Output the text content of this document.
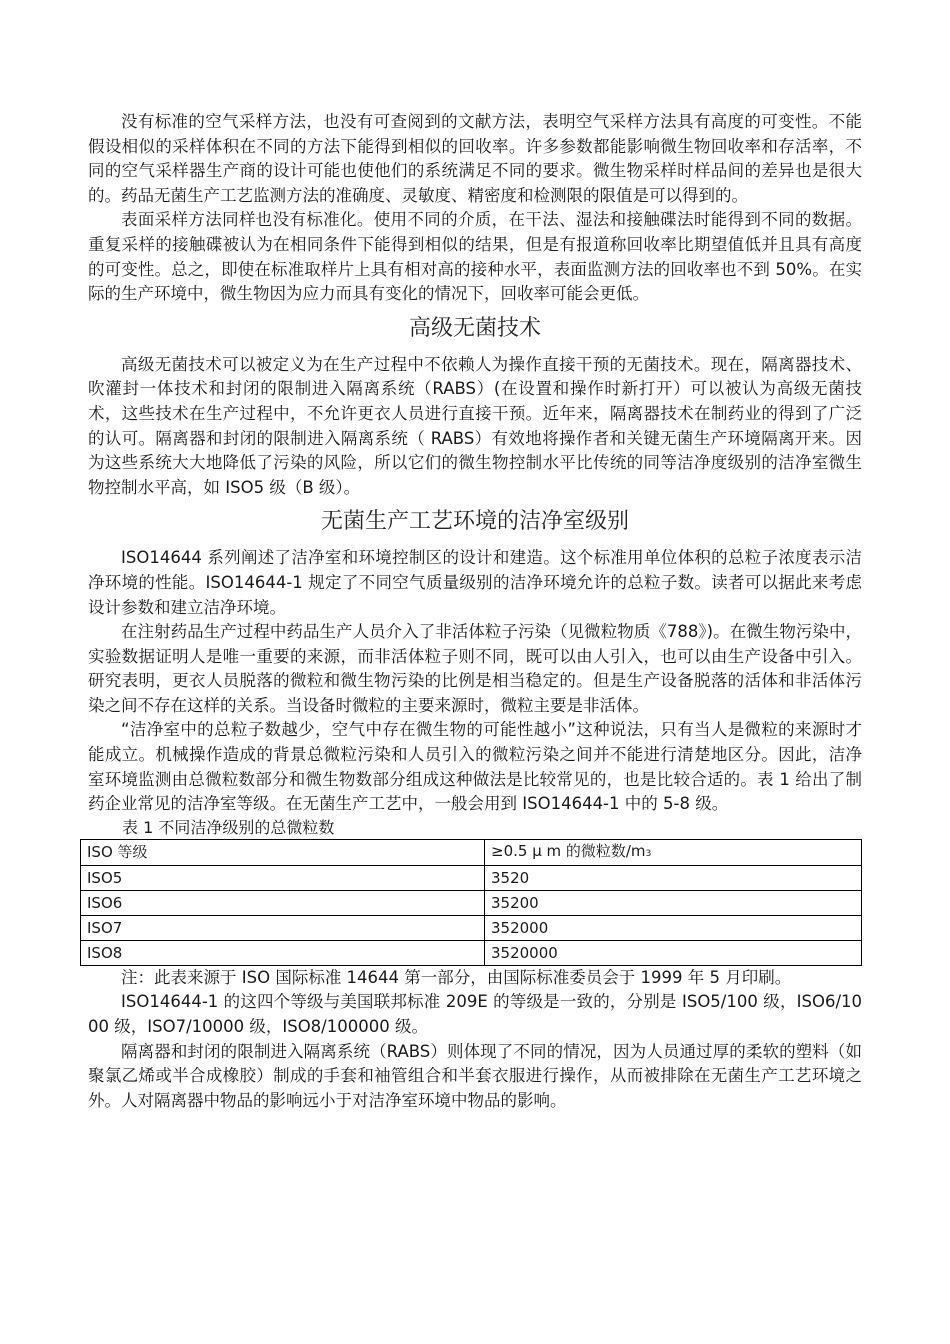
没有标准的空气采样方法，也没有可查阅到的文献方法，表明空气采样方法具有高度的可变性。不能假设相似的采样体积在不同的方法下能得到相似的回收率。许多参数都能影响微生物回收率和存活率，不同的空气采样器生产商的设计可能也使他们的系统满足不同的要求。微生物采样时样品间的差异也是很大的。药品无菌生产工艺监测方法的准确度、灵敏度、精密度和检测限的限值是可以得到的。

表面采样方法同样也没有标准化。使用不同的介质，在干法、湿法和接触碟法时能得到不同的数据。重复采样的接触碟被认为在相同条件下能得到相似的结果，但是有报道称回收率比期望值低并且具有高度的可变性。总之，即使在标准取样片上具有相对高的接种水平，表面监测方法的回收率也不到 50%。在实际的生产环境中，微生物因为应力而具有变化的情况下，回收率可能会更低。

高级无菌技术

高级无菌技术可以被定义为在生产过程中不依赖人为操作直接干预的无菌技术。现在，隔离器技术、吹灌封一体技术和封闭的限制进入隔离系统（RABS）(在设置和操作时新打开）可以被认为高级无菌技术，这些技术在生产过程中，不允许更衣人员进行直接干预。近年来，隔离器技术在制药业的得到了广泛的认可。隔离器和封闭的限制进入隔离系统（ RABS）有效地将操作者和关键无菌生产环境隔离开来。因为这些系统大大地降低了污染的风险，所以它们的微生物控制水平比传统的同等洁净度级别的洁净室微生物控制水平高，如 ISO5 级（B 级）。

无菌生产工艺环境的洁净室级别

ISO14644 系列阐述了洁净室和环境控制区的设计和建造。这个标准用单位体积的总粒子浓度表示洁净环境的性能。ISO14644-1 规定了不同空气质量级别的洁净环境允许的总粒子数。读者可以据此来考虑设计参数和建立洁净环境。

在注射药品生产过程中药品生产人员介入了非活体粒子污染（见微粒物质《788》)。在微生物污染中，实验数据证明人是唯一重要的来源，而非活体粒子则不同，既可以由人引入，也可以由生产设备中引入。研究表明，更衣人员脱落的微粒和微生物污染的比例是相当稳定的。但是生产设备脱落的活体和非活体污染之间不存在这样的关系。当设备时微粒的主要来源时，微粒主要是非活体。

“洁净室中的总粒子数越少，空气中存在微生物的可能性越小”这种说法，只有当人是微粒的来源时才能成立。机械操作造成的背景总微粒污染和人员引入的微粒污染之间并不能进行清楚地区分。因此，洁净室环境监测由总微粒数部分和微生物数部分组成这种做法是比较常见的，也是比较合适的。表 1 给出了制药企业常见的洁净室等级。在无菌生产工艺中，一般会用到 ISO14644-1 中的 5-8 级。

表 1 不同洁净级别的总微粒数
ISO 等级	≥0.5 μ m 的微粒数/m3
ISO5	3520
ISO6	35200
ISO7	352000
ISO8	3520000

注：此表来源于 ISO 国际标准 14644 第一部分，由国际标准委员会于 1999 年 5 月印刷。

ISO14644-1 的这四个等级与美国联邦标准 209E 的等级是一致的，分别是 ISO5/100 级，ISO6/1000 级，ISO7/10000 级，ISO8/100000 级。

隔离器和封闭的限制进入隔离系统（RABS）则体现了不同的情况，因为人员通过厚的柔软的塑料（如聚氯乙烯或半合成橡胶）制成的手套和袖管组合和半套衣服进行操作，从而被排除在无菌生产工艺环境之外。人对隔离器中物品的影响远小于对洁净室环境中物品的影响。
